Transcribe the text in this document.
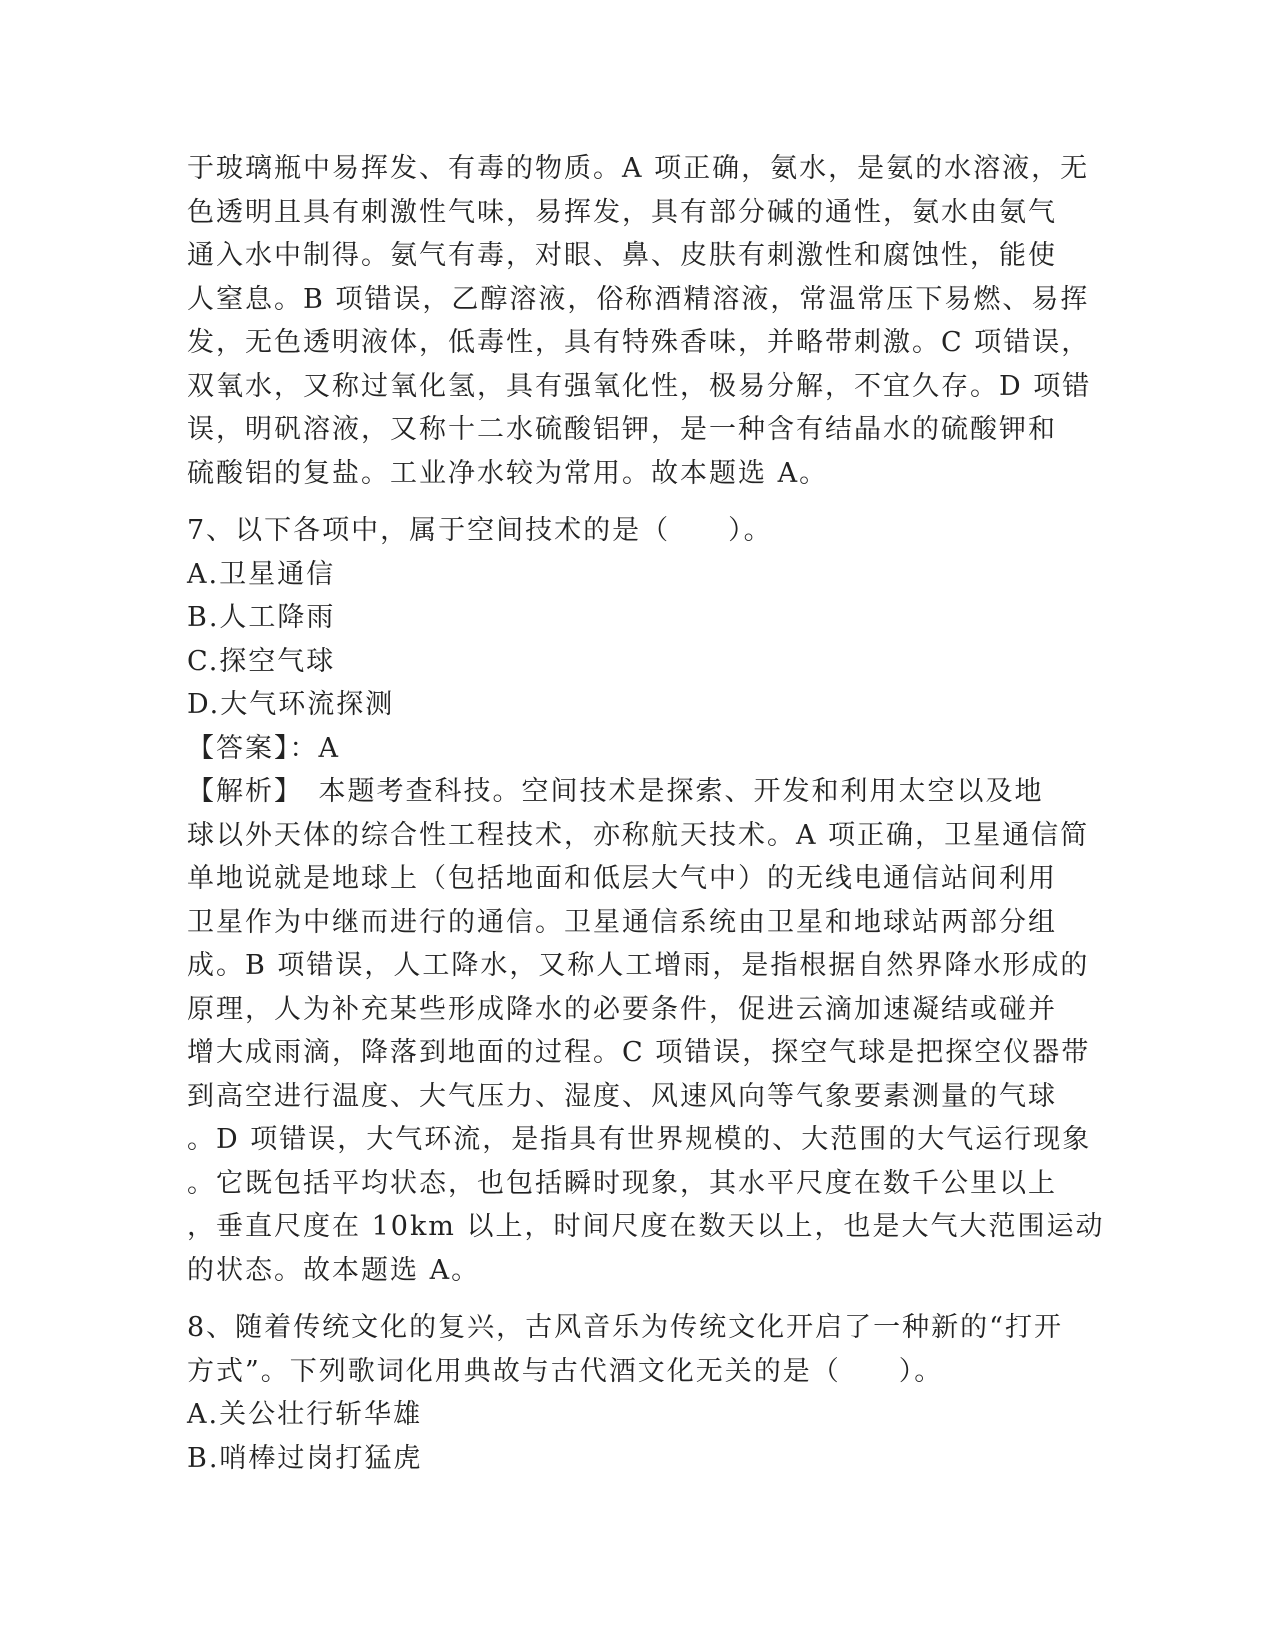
于玻璃瓶中易挥发、有毒的物质。A 项正确，氨水，是氨的水溶液，无
色透明且具有刺激性气味，易挥发，具有部分碱的通性，氨水由氨气
通入水中制得。氨气有毒，对眼、鼻、皮肤有刺激性和腐蚀性，能使
人窒息。B 项错误，乙醇溶液，俗称酒精溶液，常温常压下易燃、易挥
发，无色透明液体，低毒性，具有特殊香味，并略带刺激。C 项错误，
双氧水，又称过氧化氢，具有强氧化性，极易分解，不宜久存。D 项错
误，明矾溶液，又称十二水硫酸铝钾，是一种含有结晶水的硫酸钾和
硫酸铝的复盐。工业净水较为常用。故本题选 A。
7、以下各项中，属于空间技术的是（　　）。
A.卫星通信
B.人工降雨
C.探空气球
D.大气环流探测
【答案】：A
【解析】　本题考查科技。空间技术是探索、开发和利用太空以及地
球以外天体的综合性工程技术，亦称航天技术。A 项正确，卫星通信简
单地说就是地球上（包括地面和低层大气中）的无线电通信站间利用
卫星作为中继而进行的通信。卫星通信系统由卫星和地球站两部分组
成。B 项错误，人工降水，又称人工增雨，是指根据自然界降水形成的
原理，人为补充某些形成降水的必要条件，促进云滴加速凝结或碰并
增大成雨滴，降落到地面的过程。C 项错误，探空气球是把探空仪器带
到高空进行温度、大气压力、湿度、风速风向等气象要素测量的气球
。D 项错误，大气环流，是指具有世界规模的、大范围的大气运行现象
。它既包括平均状态，也包括瞬时现象，其水平尺度在数千公里以上
，垂直尺度在 10km 以上，时间尺度在数天以上，也是大气大范围运动
的状态。故本题选 A。
8、随着传统文化的复兴，古风音乐为传统文化开启了一种新的“打开
方式”。下列歌词化用典故与古代酒文化无关的是（　　）。
A.关公壮行斩华雄
B.哨棒过岗打猛虎
